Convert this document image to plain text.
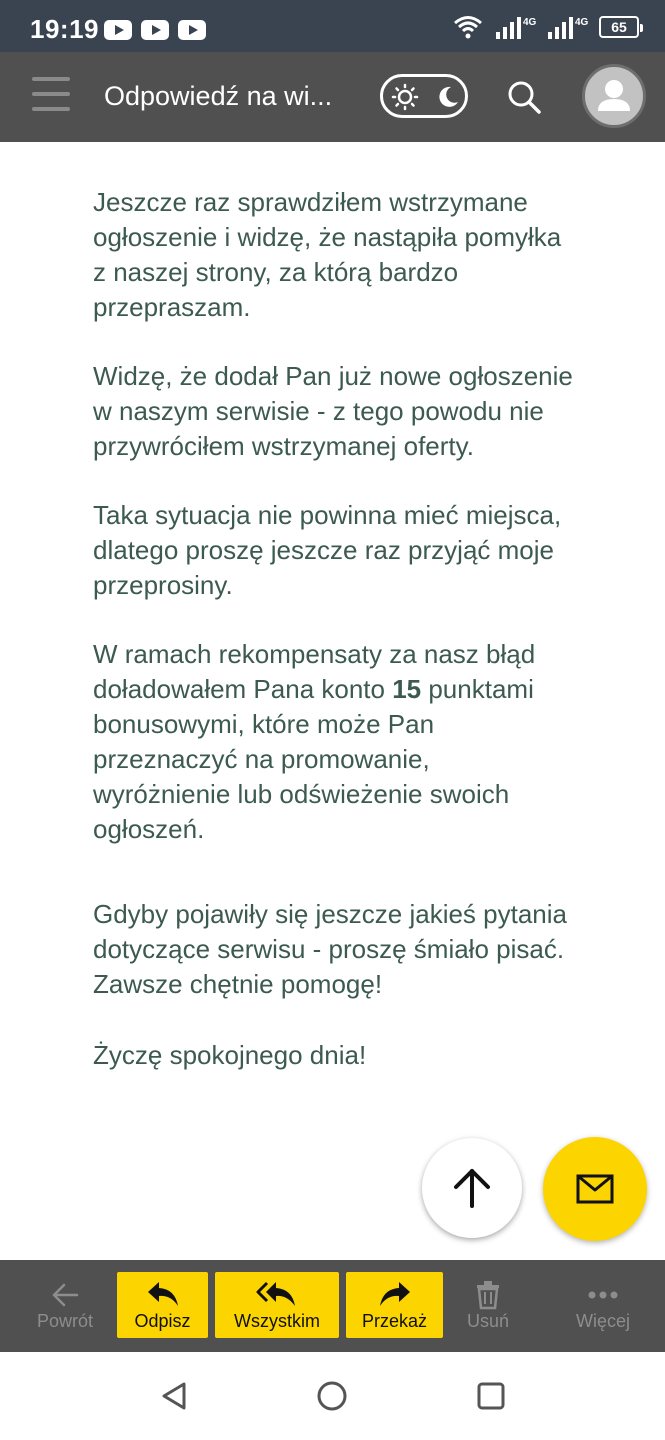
19:19	4G	4G	65
Odpowiedź na wi...

Jeszcze raz sprawdziłem wstrzymane ogłoszenie i widzę, że nastąpiła pomyłka z naszej strony, za którą bardzo przepraszam.

Widzę, że dodał Pan już nowe ogłoszenie w naszym serwisie - z tego powodu nie przywróciłem wstrzymanej oferty.

Taka sytuacja nie powinna mieć miejsca, dlatego proszę jeszcze raz przyjąć moje przeprosiny.

W ramach rekompensaty za nasz błąd doładowałem Pana konto 15 punktami bonusowymi, które może Pan przeznaczyć na promowanie, wyróżnienie lub odświeżenie swoich ogłoszeń.

Gdyby pojawiły się jeszcze jakieś pytania dotyczące serwisu - proszę śmiało pisać. Zawsze chętnie pomogę!

Życzę spokojnego dnia!

Powrót	Odpisz	Wszystkim	Przekaż	Usuń	Więcej
